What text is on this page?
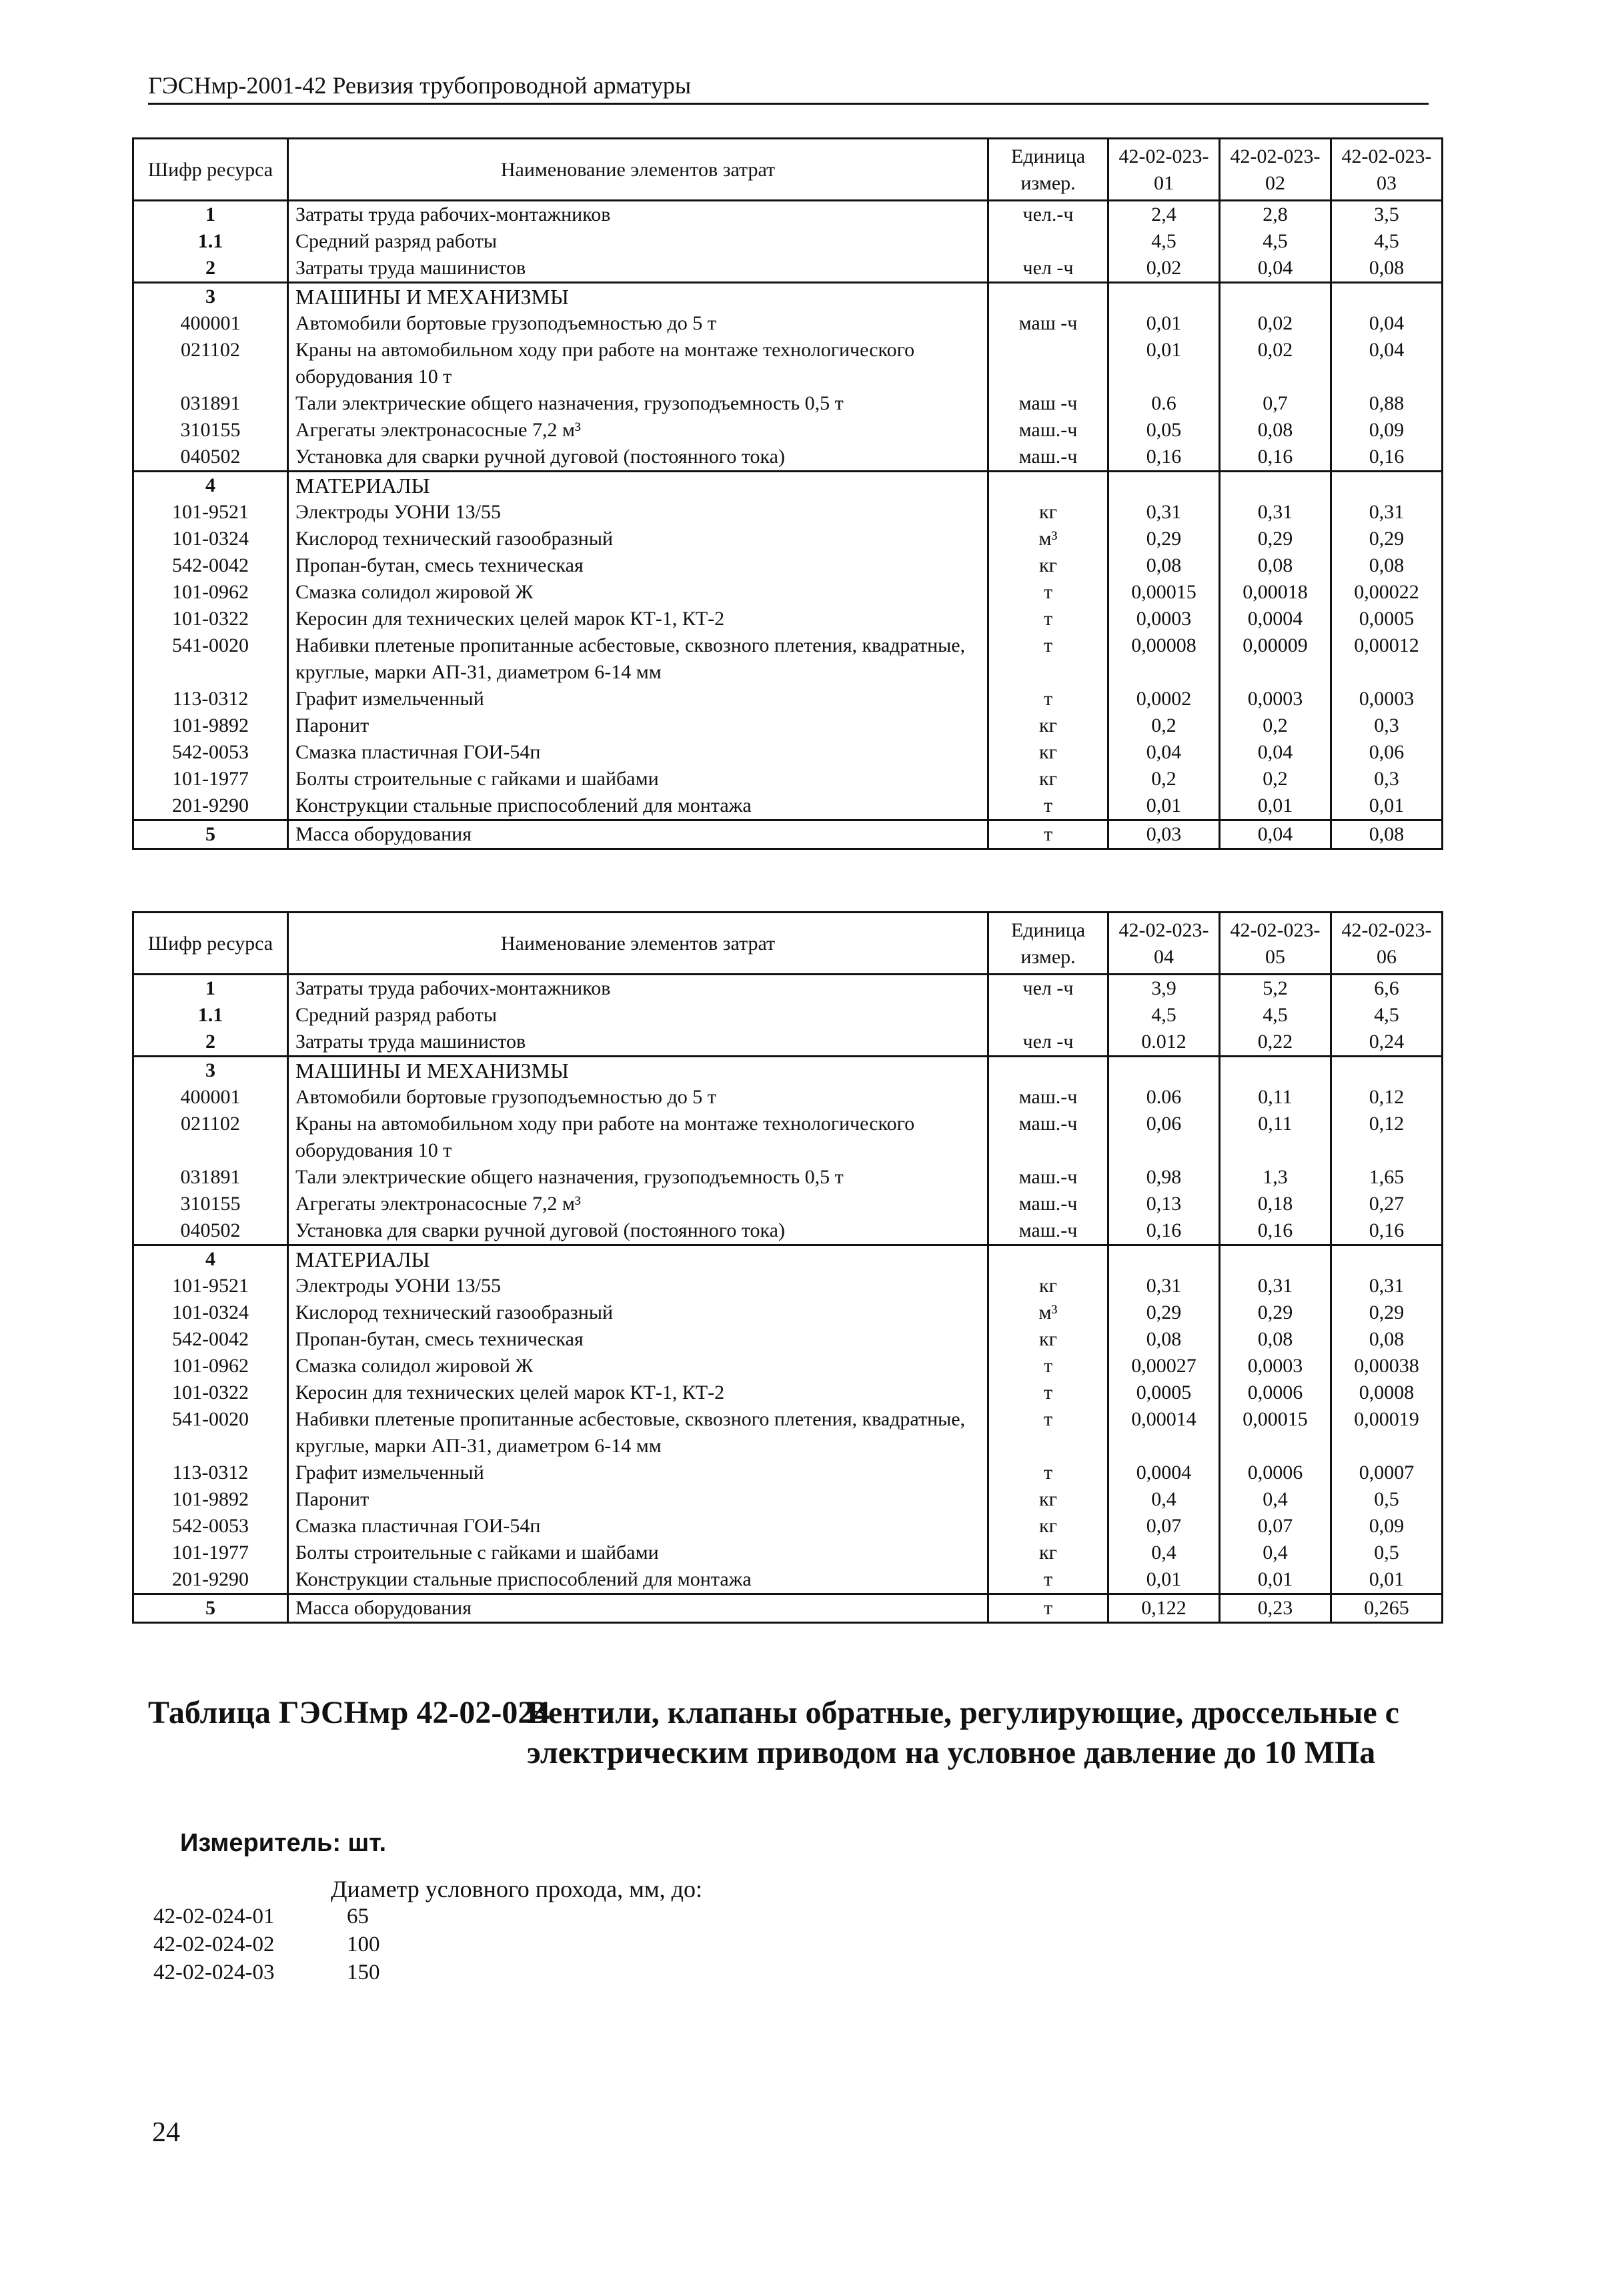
ГЭСНмр-2001-42 Ревизия трубопроводной арматуры
Шифр ресурса	Наименование элементов затрат	Единица измер.	42-02-023-01	42-02-023-02	42-02-023-03
1	Затраты труда рабочих-монтажников	чел.-ч	2,4	2,8	3,5
1.1	Средний разряд работы		4,5	4,5	4,5
2	Затраты труда машинистов	чел -ч	0,02	0,04	0,08
3	МАШИНЫ И МЕХАНИЗМЫ				
400001	Автомобили бортовые грузоподъемностью до 5 т	маш -ч	0,01	0,02	0,04
021102	Краны на автомобильном ходу при работе на монтаже технологического оборудования 10 т		0,01	0,02	0,04
031891	Тали электрические общего назначения, грузоподъемность 0,5 т	маш -ч	0.6	0,7	0,88
310155	Агрегаты электронасосные 7,2 м³	маш.-ч	0,05	0,08	0,09
040502	Установка для сварки ручной дуговой (постоянного тока)	маш.-ч	0,16	0,16	0,16
4	МАТЕРИАЛЫ				
101-9521	Электроды УОНИ 13/55	кг	0,31	0,31	0,31
101-0324	Кислород технический газообразный	м³	0,29	0,29	0,29
542-0042	Пропан-бутан, смесь техническая	кг	0,08	0,08	0,08
101-0962	Смазка солидол жировой Ж	т	0,00015	0,00018	0,00022
101-0322	Керосин для технических целей марок КТ-1, КТ-2	т	0,0003	0,0004	0,0005
541-0020	Набивки плетеные пропитанные асбестовые, сквозного плетения, квадратные, круглые, марки АП-31, диаметром 6-14 мм	т	0,00008	0,00009	0,00012
113-0312	Графит измельченный	т	0,0002	0,0003	0,0003
101-9892	Паронит	кг	0,2	0,2	0,3
542-0053	Смазка пластичная ГОИ-54п	кг	0,04	0,04	0,06
101-1977	Болты строительные с гайками и шайбами	кг	0,2	0,2	0,3
201-9290	Конструкции стальные приспособлений для монтажа	т	0,01	0,01	0,01
5	Масса оборудования	т	0,03	0,04	0,08
Шифр ресурса	Наименование элементов затрат	Единица измер.	42-02-023-04	42-02-023-05	42-02-023-06
1	Затраты труда рабочих-монтажников	чел -ч	3,9	5,2	6,6
1.1	Средний разряд работы		4,5	4,5	4,5
2	Затраты труда машинистов	чел -ч	0.012	0,22	0,24
3	МАШИНЫ И МЕХАНИЗМЫ				
400001	Автомобили бортовые грузоподъемностью до 5 т	маш.-ч	0.06	0,11	0,12
021102	Краны на автомобильном ходу при работе на монтаже технологического оборудования 10 т	маш.-ч	0,06	0,11	0,12
031891	Тали электрические общего назначения, грузоподъемность 0,5 т	маш.-ч	0,98	1,3	1,65
310155	Агрегаты электронасосные 7,2 м³	маш.-ч	0,13	0,18	0,27
040502	Установка для сварки ручной дуговой (постоянного тока)	маш.-ч	0,16	0,16	0,16
4	МАТЕРИАЛЫ				
101-9521	Электроды УОНИ 13/55	кг	0,31	0,31	0,31
101-0324	Кислород технический газообразный	м³	0,29	0,29	0,29
542-0042	Пропан-бутан, смесь техническая	кг	0,08	0,08	0,08
101-0962	Смазка солидол жировой Ж	т	0,00027	0,0003	0,00038
101-0322	Керосин для технических целей марок КТ-1, КТ-2	т	0,0005	0,0006	0,0008
541-0020	Набивки плетеные пропитанные асбестовые, сквозного плетения, квадратные, круглые, марки АП-31, диаметром 6-14 мм	т	0,00014	0,00015	0,00019
113-0312	Графит измельченный	т	0,0004	0,0006	0,0007
101-9892	Паронит	кг	0,4	0,4	0,5
542-0053	Смазка пластичная ГОИ-54п	кг	0,07	0,07	0,09
101-1977	Болты строительные с гайками и шайбами	кг	0,4	0,4	0,5
201-9290	Конструкции стальные приспособлений для монтажа	т	0,01	0,01	0,01
5	Масса оборудования	т	0,122	0,23	0,265
Таблица ГЭСНмр 42-02-024
Вентили, клапаны обратные, регулирующие, дроссельные с электрическим приводом на условное давление до 10 МПа
Измеритель: шт.
Диаметр условного прохода, мм, до:
42-02-024-01	65
42-02-024-02	100
42-02-024-03	150
24
